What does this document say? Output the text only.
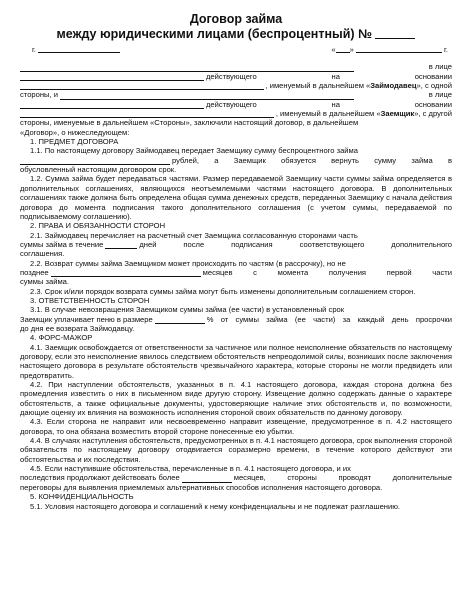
Договор займа
между юридическими лицами (беспроцентный) №
г.	« »	г.
в лице
действующего на основании
, именуемый в дальнейшем «Займодавец», с одной
стороны, и	в лице
действующего на основании
, именуемый в дальнейшем «Заемщик», с другой

стороны, именуемые в дальнейшем «Стороны», заключили настоящий договор, в дальнейшем

«Договор», о нижеследующем:

1. ПРЕДМЕТ ДОГОВОРА

1.1. По настоящему договору Займодавец передает Заемщику сумму беспроцентного займа

рублей, а Заемщик обязуется вернуть сумму займа в

обусловленный настоящим договором срок.

1.2. Сумма займа будет передаваться частями. Размер передаваемой Заемщику части суммы займа определяется в дополнительных соглашениях, являющихся неотъемлемыми частями настоящего договора. В дополнительных соглашениях также должна быть определена общая сумма денежных средств, переданных Заемщику с начала действия договора до момента подписания такого дополнительного соглашения (с учетом суммы, передаваемой по подписываемому соглашению).

2. ПРАВА И ОБЯЗАННОСТИ СТОРОН

2.1. Займодавец перечисляет на расчетный счет Заемщика согласованную сторонами часть

суммы займа в течение	дней после подписания соответствующего дополнительного

соглашения.

2.2. Возврат суммы займа Заемщиком может происходить по частям (в рассрочку), но не

позднее	месяцев с момента получения первой части

суммы займа.

2.3. Срок и/или порядок возврата суммы займа могут быть изменены дополнительным соглашением сторон.

3. ОТВЕТСТВЕННОСТЬ СТОРОН

3.1. В случае невозвращения Заемщиком суммы займа (ее части) в установленный срок

Заемщик уплачивает пеню в размере	% от суммы займа (ее части) за каждый день просрочки

до дня ее возврата Займодавцу.

4. ФОРС-МАЖОР

4.1. Заемщик освобождается от ответственности за частичное или полное неисполнение обязательств по настоящему договору, если это неисполнение явилось следствием обстоятельств непреодолимой силы, возникших после заключения настоящего договора в результате обстоятельств чрезвычайного характера, которые стороны не могли предвидеть или предотвратить.

4.2. При наступлении обстоятельств, указанных в п. 4.1 настоящего договора, каждая сторона должна без промедления известить о них в письменном виде другую сторону. Извещение должно содержать данные о характере обстоятельств, а также официальные документы, удостоверяющие наличие этих обстоятельств и, по возможности, дающие оценку их влияния на возможность исполнения стороной своих обязательств по данному договору.

4.3. Если сторона не направит или несвоевременно направит извещение, предусмотренное в п. 4.2 настоящего договора, то она обязана возместить второй стороне понесенные ею убытки.

4.4. В случаях наступления обстоятельств, предусмотренных в п. 4.1 настоящего договора, срок выполнения стороной обязательств по настоящему договору отодвигается соразмерно времени, в течение которого действуют эти обстоятельства и их последствия.

4.5. Если наступившие обстоятельства, перечисленные в п. 4.1 настоящего договора, и их

последствия продолжают действовать более	месяцев, стороны проводят дополнительные

переговоры для выявления приемлемых альтернативных способов исполнения настоящего договора.

5. КОНФИДЕНЦИАЛЬНОСТЬ

5.1. Условия настоящего договора и соглашений к нему конфиденциальны и не подлежат разглашению.
